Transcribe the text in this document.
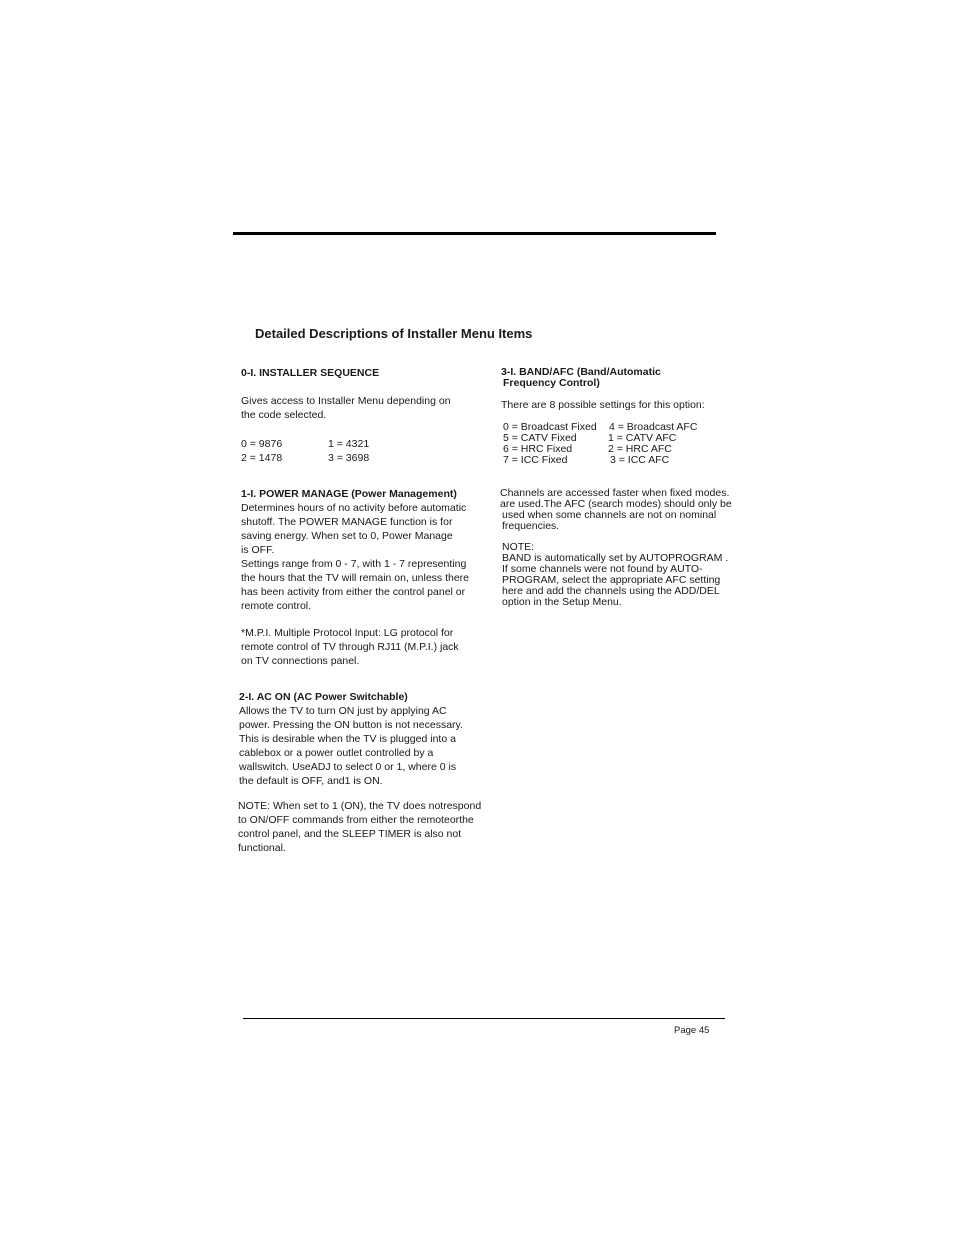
Detailed Descriptions of Installer Menu Items
0-I. INSTALLER SEQUENCE
Gives access to Installer Menu depending on
the code selected.
0 = 9876	1 = 4321
2 = 1478	3 = 3698
1-I. POWER MANAGE (Power Management)
Determines hours of no activity before automatic
shutoff. The POWER MANAGE function is for
saving energy. When set to 0, Power Manage
is OFF.
Settings range from 0 - 7, with 1 - 7 representing
the hours that the TV will remain on, unless there
has been activity from either the control panel or
remote control.
*M.P.I. Multiple Protocol Input: LG protocol for
remote control of TV through RJ11 (M.P.I.) jack
on TV connections panel.
2-I. AC ON (AC Power Switchable)
Allows the TV to turn ON just by applying AC
power. Pressing the ON button is not necessary.
This is desirable when the TV is plugged into a
cablebox or a power outlet controlled by a
wallswitch. UseADJ to select 0 or 1, where 0 is
the default is OFF, and1 is ON.
NOTE: When set to 1 (ON), the TV does notrespond
to ON/OFF commands from either the remoteorthe
control panel, and the SLEEP TIMER is also not
functional.
3-I. BAND/AFC (Band/Automatic
Frequency Control)
There are 8 possible settings for this option:
0 = Broadcast Fixed 4 = Broadcast AFC
5 = CATV Fixed	1 = CATV AFC
6 = HRC Fixed	2 = HRC AFC
7 = ICC Fixed	3 = ICC AFC
Channels are accessed faster when fixed modes.
are used.The AFC (search modes) should only be
used when some channels are not on nominal
frequencies.
NOTE:
BAND is automatically set by AUTOPROGRAM .
If some channels were not found by AUTO-
PROGRAM, select the appropriate AFC setting
here and add the channels using the ADD/DEL
option in the Setup Menu.
Page 45
